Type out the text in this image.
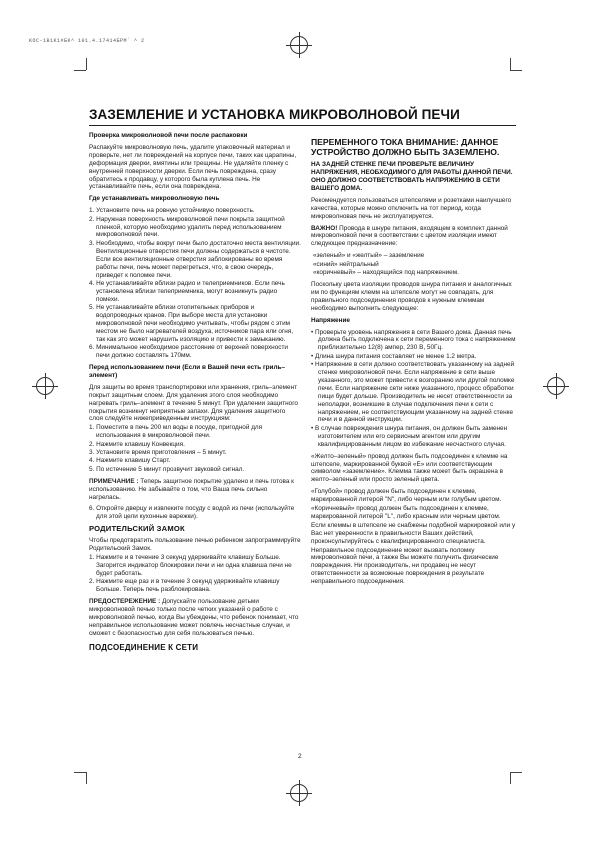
KOC-1B1K1#БК^ 101.4.17414БPM` ^ 2
ЗАЗЕМЛЕНИЕ И УСТАНОВКА МИКРОВОЛНОВОЙ ПЕЧИ

Проверка микроволновой печи после распаковки

Распакуйте микроволновую печь, удалите упаковочный материал и проверьте, нет ли повреждений на корпусе печи, таких как царапины, деформация дверки, вмятины или трещины. Не удаляйте пленку с внутренней поверхности дверки. Если печь повреждена, сразу обратитесь к продавцу, у которого была куплена печь. Не устанавливайте печь, если она повреждена.

Где устанавливать микроволновую печь

1. Установите печь на ровную устойчивую поверхность.
2. Наружная поверхность микроволновой печи покрыта защитной пленкой, которую необходимо удалить перед использованием микроволновой печи.
3. Необходимо, чтобы вокруг печи было достаточно места вентиляции. Вентиляционные отверстия печи должны содержаться в чистоте. Если все вентиляционные отверстия заблокированы во время работы печи, печь может перегреться, что, в свою очередь, приведет к поломке печи.
4. Не устанавливайте вблизи радио и телеприемников. Если печь установлена вблизи телеприемника, могут возникнуть радио помехи.
5. Не устанавливайте вблизи отопительных приборов и водопроводных кранов. При выборе места для установки микроволновой печи необходимо учитывать, чтобы рядом с этим местом не было нагревателей воздуха, источников пара или огня, так как это может нарушить изоляцию и привести к замыканию.
6. Минимальное необходимое расстояние от верхней поверхности печи должно составлять 170мм.

Перед использованием печи (Если в Вашей печи есть гриль–элемент)

Для защиты во время транспортировки или хранения, гриль–элемент покрыт защитным слоем. Для удаления этого слоя необходимо нагревать гриль–элемент в течение 5 минут. При удалении защитного покрытия возникнут неприятные запахи. Для удаления защитного слоя следуйте нижеприведенным инструкциям:

1. Поместите в печь 200 мл воды в посуде, пригодной для использования в микроволновой печи.
2. Нажмите клавишу Конвекция.
3. Установите время приготовления – 5 минут.
4. Нажмите клавишу Старт.
5. По истечение 5 минут прозвучит звуковой сигнал.

ПРИМЕЧАНИЕ : Теперь защитное покрытие удалено и печь готова к использованию. Не забывайте о том, что Ваша печь сильно нагрелась.

6. Откройте дверцу и извлеките посуду с водой из печи (используйте для этой цели кухонные варежки).

РОДИТЕЛЬСКИЙ ЗАМОК

Чтобы предотвратить пользование печью ребенком запрограммируйте Родительский Замок.

1. Нажмите и в течение 3 секунд удерживайте клавишу Больше. Загорится индикатор блокировки печи и ни одна клавиша печи не будет работать.
2. Нажмите еще раз и в течение 3 секунд удерживайте клавишу Больше. Теперь печь разблокирована.

ПРЕДОСТЕРЕЖЕНИЕ : Допускайте пользование детьми микроволновой печью только после четких указаний о работе с микроволновой печью, когда Вы убеждены, что ребенок понимает, что неправильное использование может повлечь несчастные случаи, и сможет с безопасностью для себя пользоваться печью.

ПОДСОЕДИНЕНИЕ К СЕТИ

ПЕРЕМЕННОГО ТОКА ВНИМАНИЕ: ДАННОЕ УСТРОЙСТВО ДОЛЖНО БЫТЬ ЗАЗЕМЛЕНО.

НА ЗАДНЕЙ СТЕНКЕ ПЕЧИ ПРОВЕРЬТЕ ВЕЛИЧИНУ НАПРЯЖЕНИЯ, НЕОБХОДИМОГО ДЛЯ РАБОТЫ ДАННОЙ ПЕЧИ. ОНО ДОЛЖНО СООТВЕТСТВОВАТЬ НАПРЯЖЕНИЮ В СЕТИ ВАШЕГО ДОМА.

Рекомендуется пользоваться штепселями и розетками наилучшего качества, которые можно отключить на тот период, когда микроволновая печь не эксплуатируется.

ВАЖНО! Провода в шнуре питания, входящем в комплект данной микроволновой печи в соответствии с цветом изоляции имеют следующее предназначение:

«зеленый» и «желтый» – заземление
«синий» нейтральный
«коричневый» – находящийся под напряжением.

Поскольку цвета изоляции проводов шнура питания и аналогичных им по функциям клемм на штепселе могут не совпадать, для правильного подсоединения проводов к нужным клеммам необходимо выполнить следующее:

Напряжение

• Проверьте уровень напряжения в сети Вашего дома. Данная печь должна быть подключена к сети переменного тока с напряжением приблизительно 12(8) ампер, 230 В, 50Гц.
• Длина шнура питания составляет не менее 1.2 метра.
• Напряжение в сети должно соответствовать указанному на задней стенке микроволновой печи. Если напряжение в сети выше указанного, это может привести к возгоранию или другой поломке печи. Если напряжение сети ниже указанного, процесс обработки пищи будет дольше. Производитель не несет ответственности за неполадки, возникшие в случае подключения печи к сети с напряжением, не соответствующим указанному на задней стенке печи и в данной инструкции.
• В случае повреждения шнура питания, он должен быть заменен изготовителем или его сервисным агентом или другим квалифицированным лицом во избежание несчастного случая.

«Желто–зеленый» провод должен быть подсоединен к клемме на штепселе, маркированной буквой «Е» или соответствующим символом «заземление». Клемма также может быть окрашена в желто–зеленый или просто зеленый цвета.

«Голубой» провод должен быть подсоединен к клемме, маркированной литерой "N", либо черным или голубым цветом.

«Коричневый» провод должен быть подсоединен к клемме, маркированной литерой "L", либо красным или черным цветом.

Если клеммы в штепселе не снабжены подобной маркировкой или у Вас нет уверенности в правильности Ваших действий, проконсультируйтесь с квалифицированного специалиста.

Неправильное подсоединение может вызвать поломку микроволновой печи, а также Вы можете получить физические повреждения. Ни производитель, ни продавец не несут ответственности за возможные повреждения в результате неправильного подсоединения.

2
